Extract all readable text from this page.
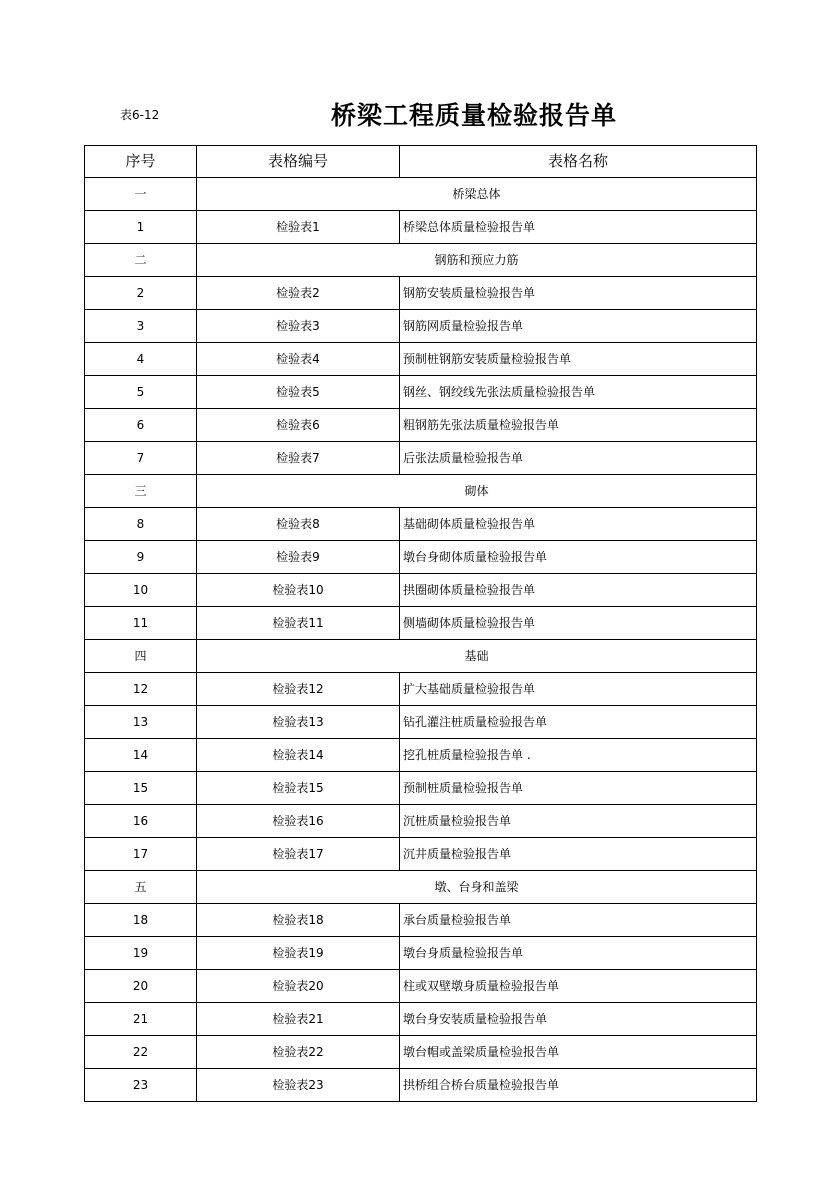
表6-12	桥梁工程质量检验报告单
序号	表格编号	表格名称
一	桥梁总体	
1	检验表1	桥梁总体质量检验报告单
二	钢筋和预应力筋	
2	检验表2	钢筋安装质量检验报告单
3	检验表3	钢筋网质量检验报告单
4	检验表4	预制桩钢筋安装质量检验报告单
5	检验表5	钢丝、钢绞线先张法质量检验报告单
6	检验表6	粗钢筋先张法质量检验报告单
7	检验表7	后张法质量检验报告单
三	砌体	
8	检验表8	基础砌体质量检验报告单
9	检验表9	墩台身砌体质量检验报告单
10	检验表10	拱圈砌体质量检验报告单
11	检验表11	侧墙砌体质量检验报告单
四	基础	
12	检验表12	扩大基础质量检验报告单
13	检验表13	钻孔灌注桩质量检验报告单
14	检验表14	挖孔桩质量检验报告单 .
15	检验表15	预制桩质量检验报告单
16	检验表16	沉桩质量检验报告单
17	检验表17	沉井质量检验报告单
五	墩、台身和盖梁	
18	检验表18	承台质量检验报告单
19	检验表19	墩台身质量检验报告单
20	检验表20	柱或双壁墩身质量检验报告单
21	检验表21	墩台身安装质量检验报告单
22	检验表22	墩台帽或盖梁质量检验报告单
23	检验表23	拱桥组合桥台质量检验报告单
